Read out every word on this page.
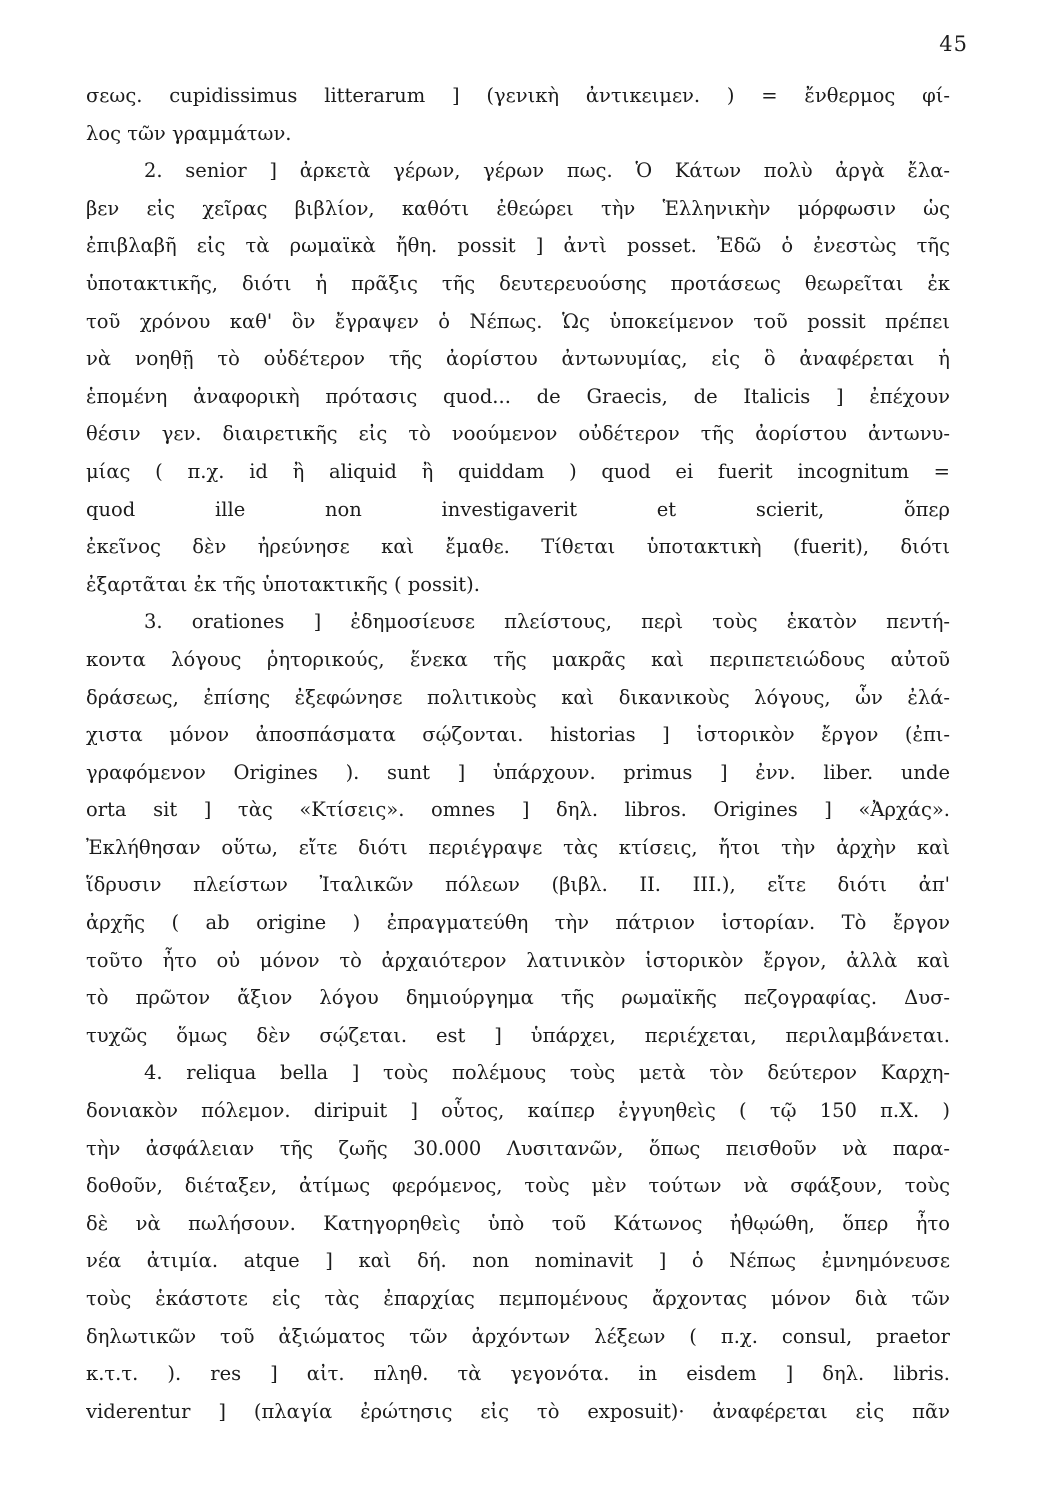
45
σεως. cupidissimus litterarum ] (γενικὴ ἀντικειμεν. ) = ἔνθερμος φί-
λος τῶν γραμμάτων.
2. senior ] ἀρκετὰ γέρων, γέρων πως. Ὁ Κάτων πολὺ ἀργὰ ἔλα-
βεν εἰς χεῖρας βιβλίον, καθότι ἐθεώρει τὴν Ἑλληνικὴν μόρφωσιν ὡς
ἐπιβλαβῆ εἰς τὰ ρωμαϊκὰ ἤθη. possit ] ἀντὶ posset. Ἐδῶ ὁ ἐνεστὼς τῆς
ὑποτακτικῆς, διότι ἡ πρᾶξις τῆς δευτερευούσης προτάσεως θεωρεῖται ἐκ
τοῦ χρόνου καθ' ὃν ἔγραψεν ὁ Νέπως. Ὡς ὑποκείμενον τοῦ possit πρέπει
νὰ νοηθῇ τὸ οὐδέτερον τῆς ἀορίστου ἀντωνυμίας, εἰς ὃ ἀναφέρεται ἡ
ἑπομένη ἀναφορικὴ πρότασις quod... de Graecis, de Italicis ] ἐπέχουν
θέσιν γεν. διαιρετικῆς εἰς τὸ νοούμενον οὐδέτερον τῆς ἀορίστου ἀντωνυ-
μίας ( π.χ. id ἢ aliquid ἢ quiddam ) quod ei fuerit incognitum =
quod ille non investigaverit et scierit, ὅπερ
ἐκεῖνος δὲν ἠρεύνησε καὶ ἔμαθε. Τίθεται ὑποτακτικὴ (fuerit), διότι
ἐξαρτᾶται ἐκ τῆς ὑποτακτικῆς ( possit).
3. orationes ] ἐδημοσίευσε πλείστους, περὶ τοὺς ἑκατὸν πεντή-
κοντα λόγους ῥητορικούς, ἕνεκα τῆς μακρᾶς καὶ περιπετειώδους αὐτοῦ
δράσεως, ἐπίσης ἐξεφώνησε πολιτικοὺς καὶ δικανικοὺς λόγους, ὧν ἐλά-
χιστα μόνον ἀποσπάσματα σῴζονται. historias ] ἱστορικὸν ἔργον (ἐπι-
γραφόμενον Origines ). sunt ] ὑπάρχουν. primus ] ἐνν. liber. unde
orta sit ] τὰς «Κτίσεις». omnes ] δηλ. libros. Origines ] «Ἀρχάς».
Ἐκλήθησαν οὕτω, εἴτε διότι περιέγραψε τὰς κτίσεις, ἤτοι τὴν ἀρχὴν καὶ
ἵδρυσιν πλείστων Ἰταλικῶν πόλεων (βιβλ. II. III.), εἴτε διότι ἀπ'
ἀρχῆς ( ab origine ) ἐπραγματεύθη τὴν πάτριον ἱστορίαν. Τὸ ἔργον
τοῦτο ἦτο οὐ μόνον τὸ ἀρχαιότερον λατινικὸν ἱστορικὸν ἔργον, ἀλλὰ καὶ
τὸ πρῶτον ἄξιον λόγου δημιούργημα τῆς ρωμαϊκῆς πεζογραφίας. Δυσ-
τυχῶς ὅμως δὲν σῴζεται. est ] ὑπάρχει, περιέχεται, περιλαμβάνεται.
4. reliqua bella ] τοὺς πολέμους τοὺς μετὰ τὸν δεύτερον Καρχη-
δονιακὸν πόλεμον. diripuit ] οὗτος, καίπερ ἐγγυηθεὶς ( τῷ 150 π.Χ. )
τὴν ἀσφάλειαν τῆς ζωῆς 30.000 Λυσιτανῶν, ὅπως πεισθοῦν νὰ παρα-
δοθοῦν, διέταξεν, ἀτίμως φερόμενος, τοὺς μὲν τούτων νὰ σφάξουν, τοὺς
δὲ νὰ πωλήσουν. Κατηγορηθεὶς ὑπὸ τοῦ Κάτωνος ἠθῳώθη, ὅπερ ἦτο
νέα ἀτιμία. atque ] καὶ δή. non nominavit ] ὁ Νέπως ἐμνημόνευσε
τοὺς ἑκάστοτε εἰς τὰς ἐπαρχίας πεμπομένους ἄρχοντας μόνον διὰ τῶν
δηλωτικῶν τοῦ ἀξιώματος τῶν ἀρχόντων λέξεων ( π.χ. consul, praetor
κ.τ.τ. ). res ] αἰτ. πληθ. τὰ γεγονότα. in eisdem ] δηλ. libris.
viderentur ] (πλαγία ἐρώτησις εἰς τὸ exposuit)· ἀναφέρεται εἰς πᾶν
